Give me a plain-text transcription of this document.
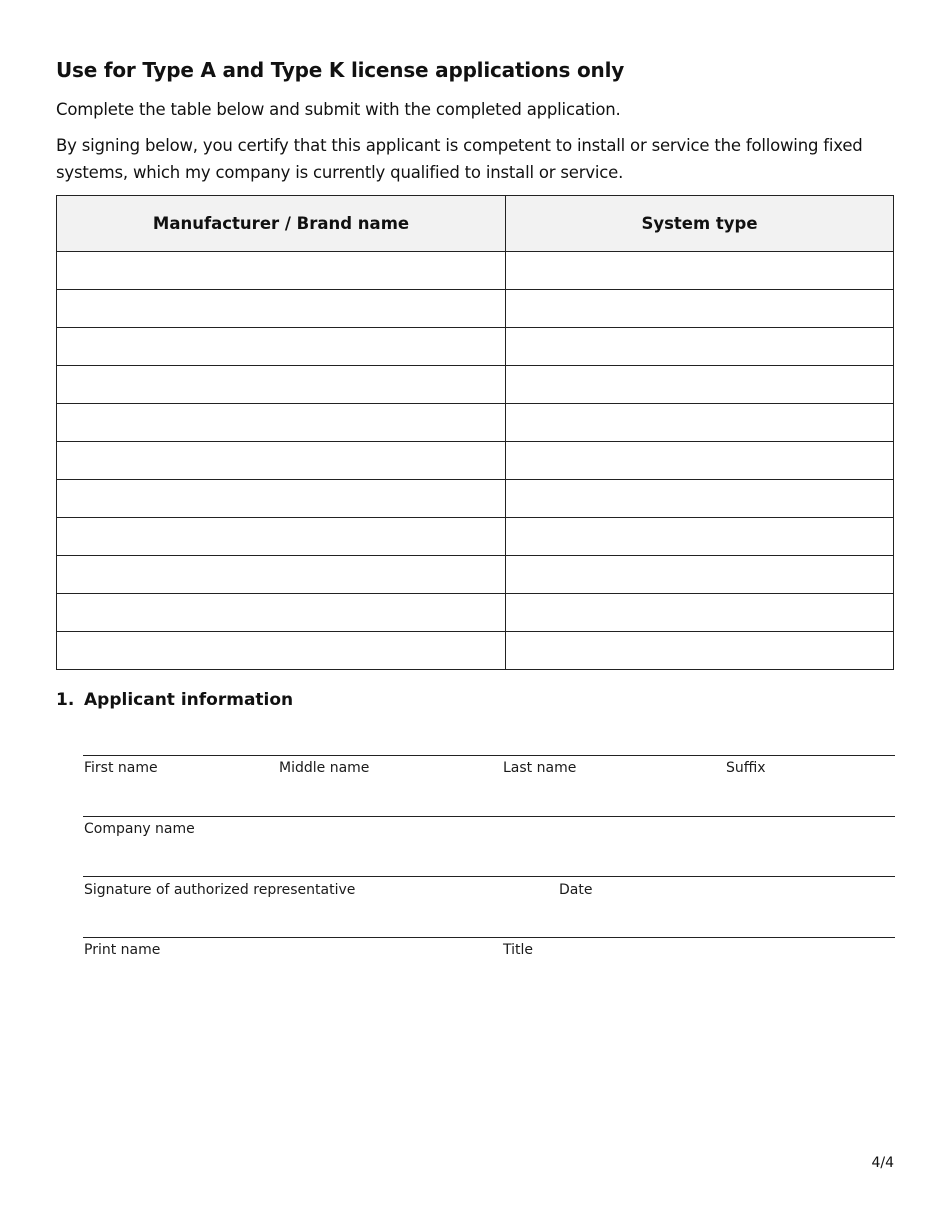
Use for Type A and Type K license applications only

Complete the table below and submit with the completed application.

By signing below, you certify that this applicant is competent to install or service the following fixed systems, which my company is currently qualified to install or service.

Manufacturer / Brand name	System type

1. Applicant information
First name	Middle name	Last name	Suffix
Company name
Signature of authorized representative	Date
Print name	Title
4/4
